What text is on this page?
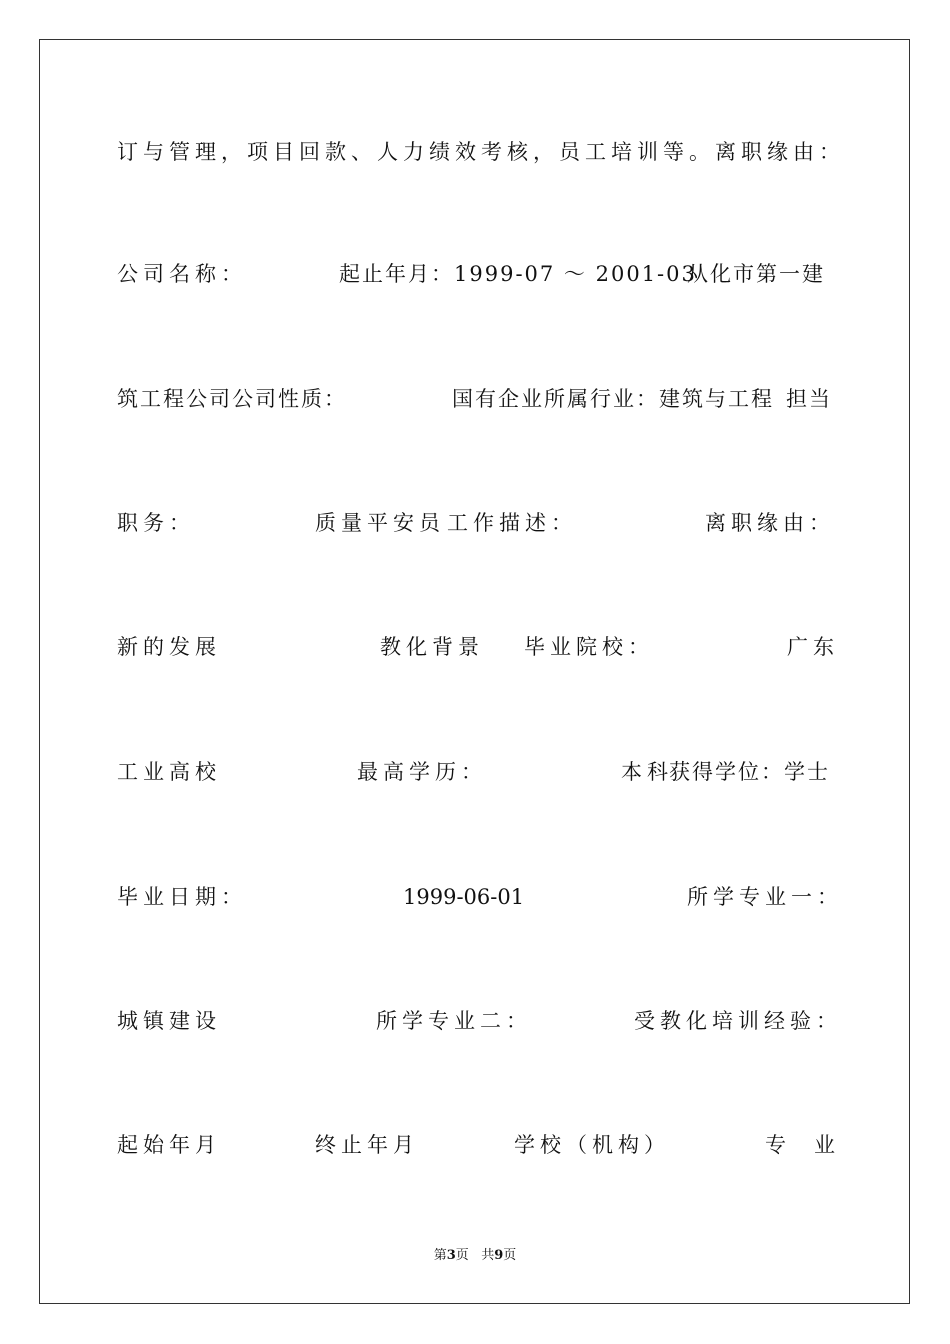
订与管理，项目回款、人力绩效考核，员工培训等。离职缘由：
公司名称：	起止年月：1999-07 ～ 2001-03
从化市第一建
筑工程公司 公司性质：	国有企业 所属行业：建筑与工程 担当
职务：	质量平安员 工作描述：	离职缘由：
新的发展	教化背景 毕业院校：	广东
工业高校	最高学历：	本科
获得学位：学士
毕业日期：	1999-06-01	所学专业一：
城镇建设	所学专业二：	受教化培训经验：
起始年月	终止年月	学校（机构）	专 业
第3页 共9页
